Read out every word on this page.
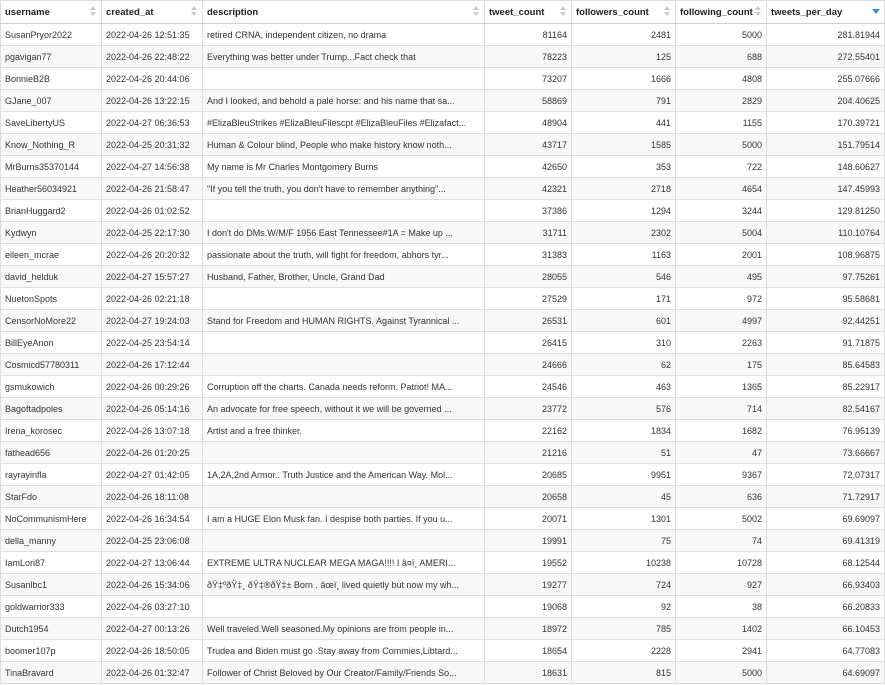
username	created_at	description	tweet_count	followers_count	following_count	tweets_per_day

SusanPryor2022	2022-04-26 12:51:35	retired CRNA, independent citizen, no drama	81164	2481	5000	281.81944
pgavigan77	2022-04-26 22:48:22	Everything was better under Trump...Fact check that	78223	125	688	272.55401
BonnieB2B	2022-04-26 20:44:06		73207	1666	4808	255.07666
GJane_007	2022-04-26 13:22:15	And I looked, and behold a pale horse: and his name that sa...	58869	791	2829	204.40625
SaveLibertyUS	2022-04-27 06:36:53	#ElizaBleuStrikes #ElizaBleuFilescpt #ElizaBleuFiles #Elizafact...	48904	441	1155	170.39721
Know_Nothing_R	2022-04-25 20:31:32	Human & Colour blind, People who make history know noth...	43717	1585	5000	151.79514
MrBurns35370144	2022-04-27 14:56:38	My name is Mr Charles Montgomery Burns	42650	353	722	148.60627
Heather56034921	2022-04-26 21:58:47	"If you tell the truth, you don't have to remember anything"...	42321	2718	4654	147.45993
BrianHuggard2	2022-04-26 01:02:52		37386	1294	3244	129.81250
Kydwyn	2022-04-25 22:17:30	I don't do DMs.W/M/F 1956 East Tennessee#1A = Make up ...	31711	2302	5004	110.10764
eileen_mcrae	2022-04-26 20:20:32	passionate about the truth, will fight for freedom, abhors tyr...	31383	1163	2001	108.96875
david_helduk	2022-04-27 15:57:27	Husband, Father, Brother, Uncle, Grand Dad	28055	546	495	97.75261
NuetonSpots	2022-04-26 02:21:18		27529	171	972	95.58681
CensorNoMore22	2022-04-27 19:24:03	Stand for Freedom and HUMAN RIGHTS. Against Tyrannical ...	26531	601	4997	92.44251
BillEyeAnon	2022-04-25 23:54:14		26415	310	2263	91.71875
Cosmicd57780311	2022-04-26 17:12:44		24666	62	175	85.64583
gsmukowich	2022-04-26 00:29:26	Corruption off the charts. Canada needs reform. Patriot! MA...	24546	463	1365	85.22917
Bagoftadpoles	2022-04-26 05:14:16	An advocate for free speech, without it we will be governed ...	23772	576	714	82.54167
Irena_korosec	2022-04-26 13:07:18	Artist and a free thinker.	22162	1834	1682	76.95139
fathead656	2022-04-26 01:20:25		21216	51	47	73.66667
rayrayinfla	2022-04-27 01:42:05	1A,2A,2nd Armor.. Truth Justice and the American Way. Mol...	20685	9951	9367	72.07317
StarFdo	2022-04-26 18:11:08		20658	45	636	71.72917
NoCommunismHere	2022-04-26 16:34:54	I am a HUGE Elon Musk fan. I despise both parties. If you u...	20071	1301	5002	69.69097
della_manny	2022-04-25 23:06:08		19991	75	74	69.41319
IamLori87	2022-04-27 13:06:44	EXTREME ULTRA NUCLEAR MEGA MAGA!!!! I â¤ï¸ AMERI...	19552	10238	10728	68.12544
Susanlbc1	2022-04-26 15:34:06	ðŸ‡ºðŸ‡¸ ðŸ‡®ðŸ‡± Born . âœï¸ lived quietly but now my wh...	19277	724	927	66.93403
goldwarrior333	2022-04-26 03:27:10		19068	92	38	66.20833
Dutch1954	2022-04-27 00:13:26	Well traveled.Well seasoned.My opinions are from people in...	18972	785	1402	66.10453
boomer107p	2022-04-26 18:50:05	Trudea and Biden must go .Stay away from Commies,Libtard...	18654	2228	2941	64.77083
TinaBravard	2022-04-26 01:32:47	Follower of Christ Beloved by Our Creator/Family/Friends So...	18631	815	5000	64.69097
